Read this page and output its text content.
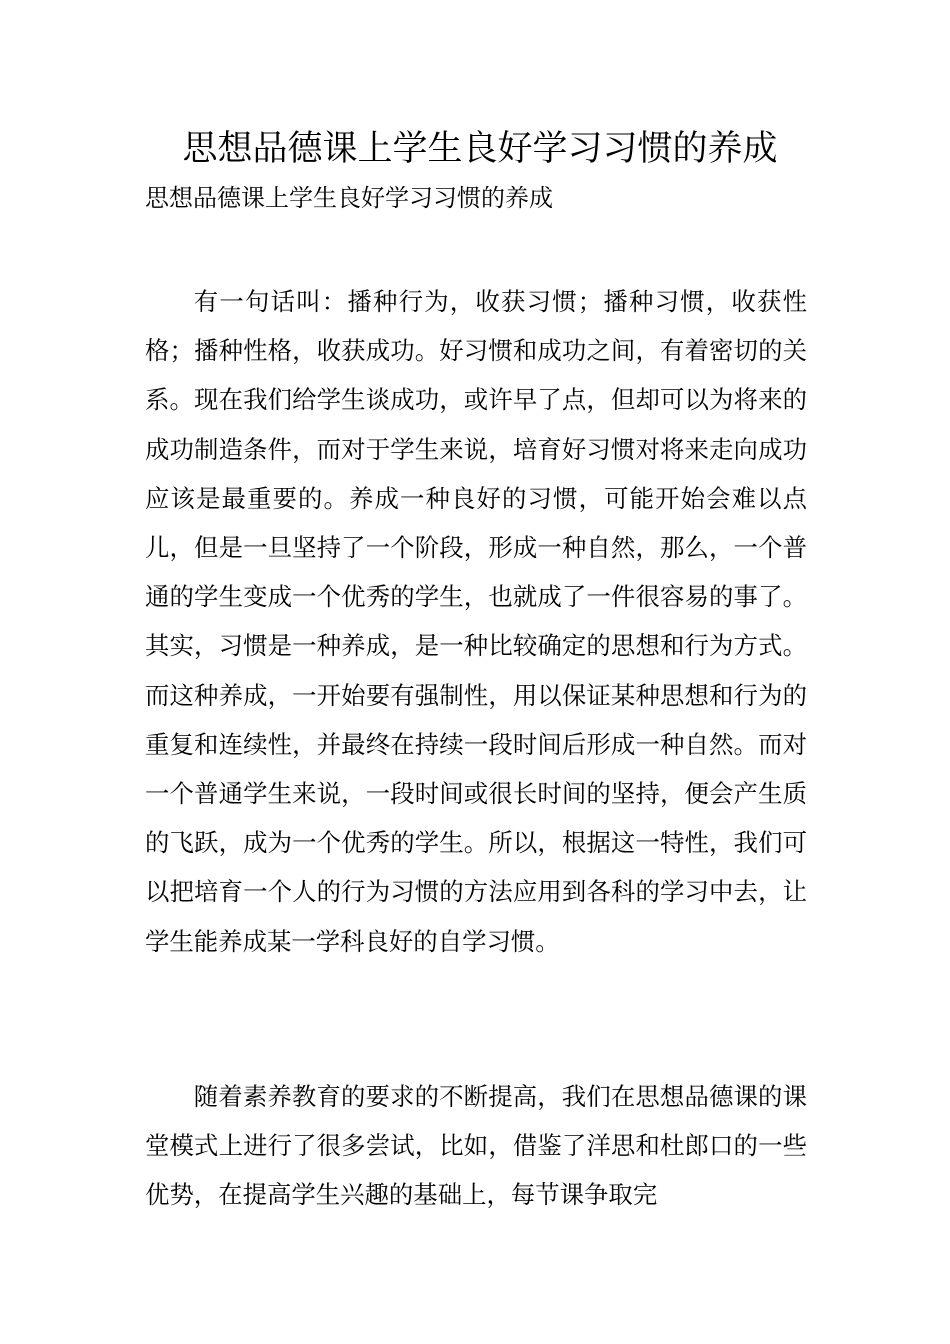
思想品德课上学生良好学习习惯的养成

思想品德课上学生良好学习习惯的养成

有一句话叫：播种行为，收获习惯；播种习惯，收获性格；播种性格，收获成功。好习惯和成功之间，有着密切的关系。现在我们给学生谈成功，或许早了点，但却可以为将来的成功制造条件，而对于学生来说，培育好习惯对将来走向成功应该是最重要的。养成一种良好的习惯，可能开始会难以点儿，但是一旦坚持了一个阶段，形成一种自然，那么，一个普通的学生变成一个优秀的学生，也就成了一件很容易的事了。其实，习惯是一种养成，是一种比较确定的思想和行为方式。而这种养成，一开始要有强制性，用以保证某种思想和行为的重复和连续性，并最终在持续一段时间后形成一种自然。而对一个普通学生来说，一段时间或很长时间的坚持，便会产生质的飞跃，成为一个优秀的学生。所以，根据这一特性，我们可以把培育一个人的行为习惯的方法应用到各科的学习中去，让学生能养成某一学科良好的自学习惯。

随着素养教育的要求的不断提高，我们在思想品德课的课堂模式上进行了很多尝试，比如，借鉴了洋思和杜郎口的一些优势，在提高学生兴趣的基础上，每节课争取完
